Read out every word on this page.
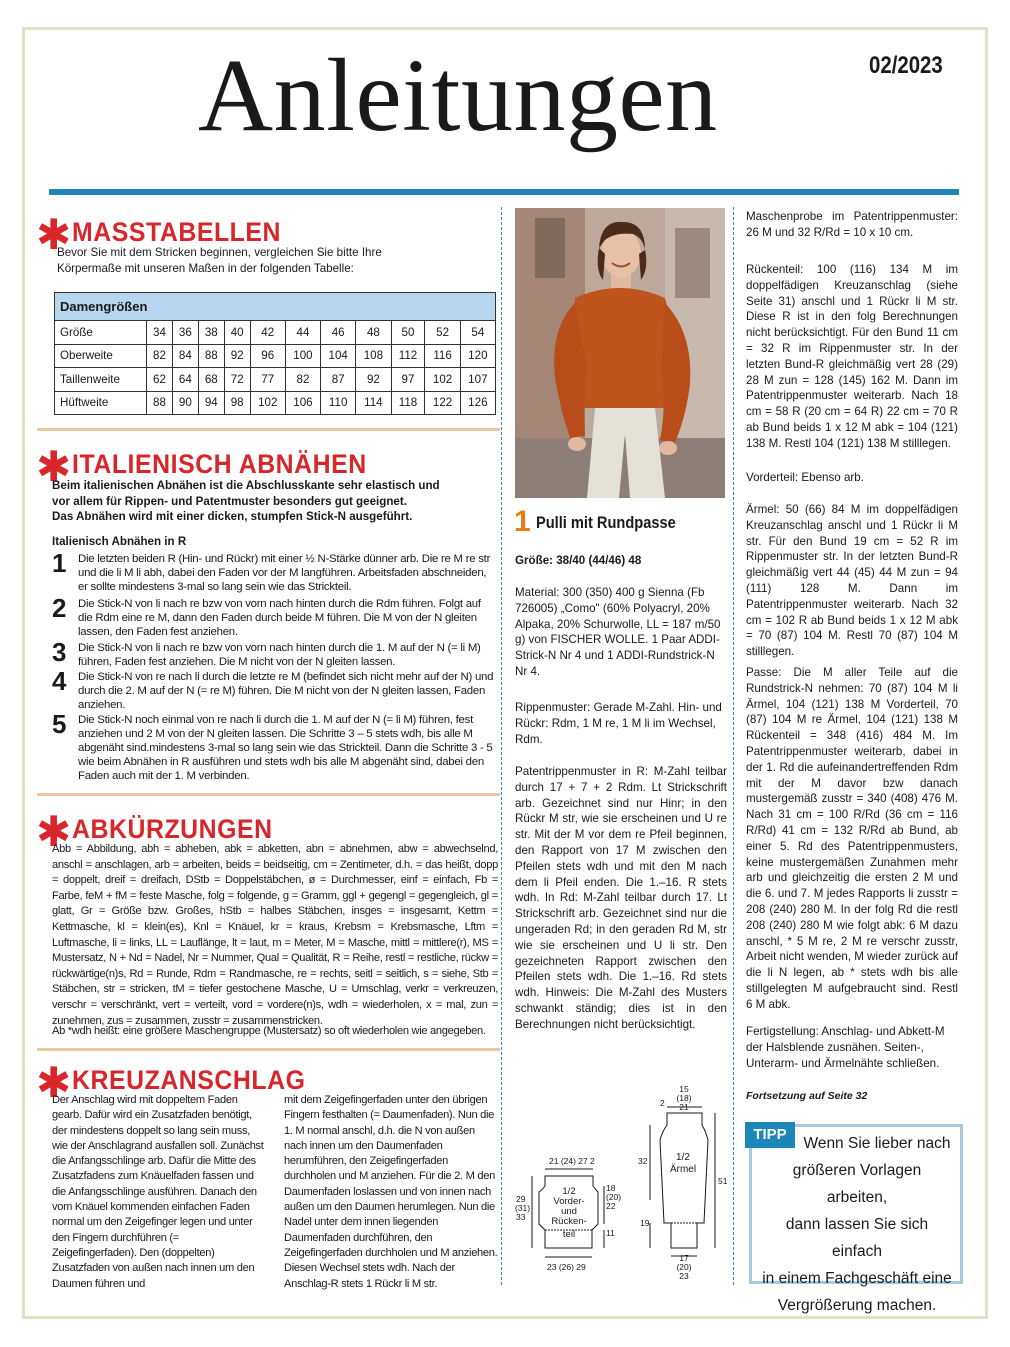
Anleitungen	02/2023
✱ MASSTABELLEN
Bevor Sie mit dem Stricken beginnen, vergleichen Sie bitte Ihre
Körpermaße mit unseren Maßen in der folgenden Tabelle:
Damengrößen											
Größe	34	36	38	40	42	44	46	48	50	52	54
Oberweite	82	84	88	92	96	100	104	108	112	116	120
Taillenweite	62	64	68	72	77	82	87	92	97	102	107
Hüftweite	88	90	94	98	102	106	110	114	118	122	126
✱ ITALIENISCH ABNÄHEN
Beim italienischen Abnähen ist die Abschlusskante sehr elastisch und
vor allem für Rippen- und Patentmuster besonders gut geeignet.
Das Abnähen wird mit einer dicken, stumpfen Stick-N ausgeführt.
Italienisch Abnähen in R
1 Die letzten beiden R (Hin- und Rückr) mit einer ½ N-Stärke dünner arb. Die re M re str und die li M li abh, dabei den Faden vor der M langführen. Arbeitsfaden abschneiden, er sollte mindestens 3-mal so lang sein wie das Strickteil.
2 Die Stick-N von li nach re bzw von vorn nach hinten durch die Rdm führen. Folgt auf die Rdm eine re M, dann den Faden durch beide M führen. Die M von der N gleiten lassen, den Faden fest anziehen.
3 Die Stick-N von li nach re bzw von vorn nach hinten durch die 1. M auf der N (= li M) führen, Faden fest anziehen. Die M nicht von der N gleiten lassen.
4 Die Stick-N von re nach li durch die letzte re M (befindet sich nicht mehr auf der N) und durch die 2. M auf der N (= re M) führen. Die M nicht von der N gleiten lassen, Faden anziehen.
5 Die Stick-N noch einmal von re nach li durch die 1. M auf der N (= li M) führen, fest anziehen und 2 M von der N gleiten lassen. Die Schritte 3 – 5 stets wdh, bis alle M abgenäht sind.mindestens 3-mal so lang sein wie das Strickteil. Dann die Schritte 3 - 5 wie beim Abnähen in R ausführen und stets wdh bis alle M abgenäht sind, dabei den Faden auch mit der 1. M verbinden.
✱ ABKÜRZUNGEN
Abb = Abbildung, abh = abheben, abk = abketten, abn = abnehmen, abw = abwechselnd, anschl = anschlagen, arb = arbeiten, beids = beidseitig, cm = Zentimeter, d.h. = das heißt, dopp = doppelt, dreif = dreifach, DStb = Doppelstäbchen, ø = Durchmesser, einf = einfach, Fb = Farbe, feM + fM = feste Masche, folg = folgende, g = Gramm, ggl + gegengl = gegengleich, gl = glatt, Gr = Größe bzw. Großes, hStb = halbes Stäbchen, insges = insgesamt, Kettm = Kettmasche, kl = klein(es), Knl = Knäuel, kr = kraus, Krebsm = Krebsmasche, Lftm = Luftmasche, li = links, LL = Lauflänge, lt = laut, m = Meter, M = Masche, mittl = mittlere(r), MS = Mustersatz, N + Nd = Nadel, Nr = Nummer, Qual = Qualität, R = Reihe, restl = restliche, rückw = rückwärtige(n)s, Rd = Runde, Rdm = Randmasche, re = rechts, seitl = seitlich, s = siehe, Stb = Stäbchen, str = stricken, tM = tiefer gestochene Masche, U = Umschlag, verkr = verkreuzen, verschr = verschränkt, vert = verteilt, vord = vordere(n)s, wdh = wiederholen, x = mal, zun = zunehmen, zus = zusammen, zusstr = zusammenstricken.
Ab *wdh heißt: eine größere Maschengruppe (Mustersatz) so oft wiederholen wie angegeben.
✱ KREUZANSCHLAG
Der Anschlag wird mit doppeltem Faden gearb. Dafür wird ein Zusatzfaden benötigt, der mindestens doppelt so lang sein muss, wie der Anschlagrand ausfallen soll. Zunächst die Anfangsschlinge arb. Dafür die Mitte des Zusatzfadens zum Knäuelfaden fassen und die Anfangsschlinge ausführen. Danach den vom Knäuel kommenden einfachen Faden normal um den Zeigefinger legen und unter den Fingern durchführen (= Zeigefingerfaden). Den (doppelten) Zusatzfaden von außen nach innen um den Daumen führen und
mit dem Zeigefingerfaden unter den übrigen Fingern festhalten (= Daumenfaden). Nun die 1. M normal anschl, d.h. die N von außen nach innen um den Daumenfaden herumführen, den Zeigefingerfaden durchholen und M anziehen. Für die 2. M den Daumenfaden loslassen und von innen nach außen um den Daumen herumlegen. Nun die Nadel unter dem innen liegenden Daumenfaden durchführen, den Zeigefingerfaden durchholen und M anziehen. Diesen Wechsel stets wdh. Nach der Anschlag-R stets 1 Rückr li M str.
1 Pulli mit Rundpasse
Größe: 38/40 (44/46) 48
Material: 300 (350) 400 g Sienna (Fb 726005) „Como" (60% Polyacryl, 20% Alpaka, 20% Schurwolle, LL = 187 m/50 g) von FISCHER WOLLE. 1 Paar ADDI-Strick-N Nr 4 und 1 ADDI-Rundstrick-N Nr 4.
Rippenmuster: Gerade M-Zahl. Hin- und Rückr: Rdm, 1 M re, 1 M li im Wechsel, Rdm.
Patentrippenmuster in R: M-Zahl teilbar durch 17 + 7 + 2 Rdm. Lt Strickschrift arb. Gezeichnet sind nur Hinr; in den Rückr M str, wie sie erscheinen und U re str. Mit der M vor dem re Pfeil beginnen, den Rapport von 17 M zwischen den Pfeilen stets wdh und mit den M nach dem li Pfeil enden. Die 1.–16. R stets wdh. In Rd: M-Zahl teilbar durch 17. Lt Strickschrift arb. Gezeichnet sind nur die ungeraden Rd; in den geraden Rd M, str wie sie erscheinen und U li str. Den gezeichneten Rapport zwischen den Pfeilen stets wdh. Die 1.–16. Rd stets wdh. Hinweis: Die M-Zahl des Musters schwankt ständig; dies ist in den Berechnungen nicht berücksichtigt.
Maschenprobe im Patentrippenmuster: 26 M und 32 R/Rd = 10 x 10 cm.
Rückenteil: 100 (116) 134 M im doppelfädigen Kreuzanschlag (siehe Seite 31) anschl und 1 Rückr li M str. Diese R ist in den folg Berechnungen nicht berücksichtigt. Für den Bund 11 cm = 32 R im Rippenmuster str. In der letzten Bund-R gleichmäßig vert 28 (29) 28 M zun = 128 (145) 162 M. Dann im Patentrippenmuster weiterarb. Nach 18 cm = 58 R (20 cm = 64 R) 22 cm = 70 R ab Bund beids 1 x 12 M abk = 104 (121) 138 M. Restl 104 (121) 138 M stilllegen.
Vorderteil: Ebenso arb.
Ärmel: 50 (66) 84 M im doppelfädigen Kreuzanschlag anschl und 1 Rückr li M str. Für den Bund 19 cm = 52 R im Rippenmuster str. In der letzten Bund-R gleichmäßig vert 44 (45) 44 M zun = 94 (111) 128 M. Dann im Patentrippenmuster weiterarb. Nach 32 cm = 102 R ab Bund beids 1 x 12 M abk = 70 (87) 104 M. Restl 70 (87) 104 M stilllegen.
Passe: Die M aller Teile auf die Rundstrick-N nehmen: 70 (87) 104 M li Ärmel, 104 (121) 138 M Vorderteil, 70 (87) 104 M re Ärmel, 104 (121) 138 M Rückenteil = 348 (416) 484 M. Im Patentrippenmuster weiterarb, dabei in der 1. Rd die aufeinandertreffenden Rdm mit der M davor bzw danach mustergemäß zusstr = 340 (408) 476 M. Nach 31 cm = 100 R/Rd (36 cm = 116 R/Rd) 41 cm = 132 R/Rd ab Bund, ab einer 5. Rd des Patentrippenmusters, keine mustergemäßen Zunahmen mehr arb und gleichzeitig die ersten 2 M und die 6. und 7. M jedes Rapports li zusstr = 208 (240) 280 M. In der folg Rd die restl 208 (240) 280 M wie folgt abk: 6 M dazu anschl, * 5 M re, 2 M re verschr zusstr, Arbeit nicht wenden, M wieder zurück auf die li N legen, ab * stets wdh bis alle stillgelegten M aufgebraucht sind. Restl 6 M abk.
Fertigstellung: Anschlag- und Abkett-M der Halsblende zusnähen. Seiten-, Unterarm- und Ärmelnähte schließen.
Fortsetzung auf Seite 32
TIPP
Wenn Sie lieber nach
größeren Vorlagen arbeiten,
dann lassen Sie sich einfach
in einem Fachgeschäft eine
Vergrößerung machen.
21 (24) 27 2
1/2
Vorder-
und
Rücken-
teil
18
(20)
22
11
29
(31)
33
23 (26) 29
15
(18)
21
2
1/2
Ärmel
32
51
19
17
(20)
23
